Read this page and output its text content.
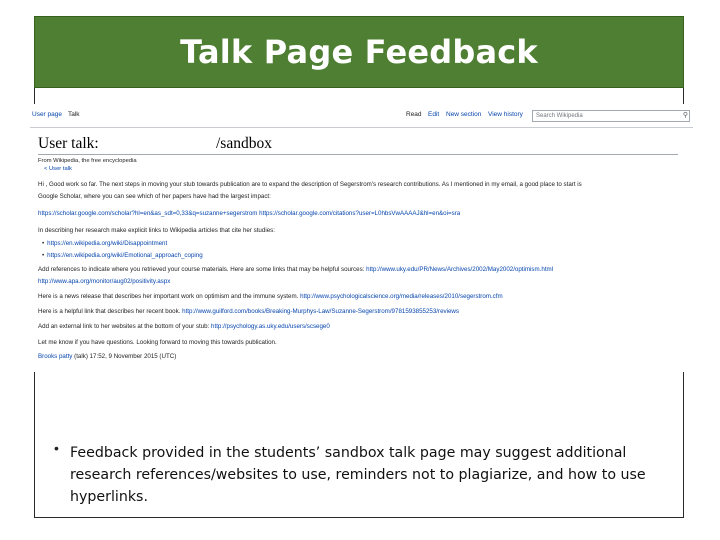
Talk Page Feedback
User page Talk	Read Edit New section View history	Search Wikipedia	⚲
User talk:	/sandbox
From Wikipedia, the free encyclopedia
< User talk
Hi , Good work so far. The next steps in moving your stub towards publication are to expand the description of Segerstrom's research contributions. As I mentioned in my email, a good place to start is
Google Scholar, where you can see which of her papers have had the largest impact:
https://scholar.google.com/scholar?hl=en&as_sdt=0,33&q=suzanne+segerstrom https://scholar.google.com/citations?user=L0hbsVwAAAAJ&hl=en&oi=sra
In describing her research make explicit links to Wikipedia articles that cite her studies:
• https://en.wikipedia.org/wiki/Disappointment
• https://en.wikipedia.org/wiki/Emotional_approach_coping
Add references to indicate where you retrieved your course materials. Here are some links that may be helpful sources: http://www.uky.edu/PR/News/Archives/2002/May2002/optimism.html
http://www.apa.org/monitor/aug02/positivity.aspx
Here is a news release that describes her important work on optimism and the immune system. http://www.psychologicalscience.org/media/releases/2010/segerstrom.cfm
Here is a helpful link that describes her recent book. http://www.guilford.com/books/Breaking-Murphys-Law/Suzanne-Segerstrom/9781593855253/reviews
Add an external link to her websites at the bottom of your stub: http://psychology.as.uky.edu/users/scsege0
Let me know if you have questions. Looking forward to moving this towards publication.
Brooks patty (talk) 17:52, 9 November 2015 (UTC)
• Feedback provided in the students’ sandbox talk page may suggest additional research references/websites to use, reminders not to plagiarize, and how to use hyperlinks.
